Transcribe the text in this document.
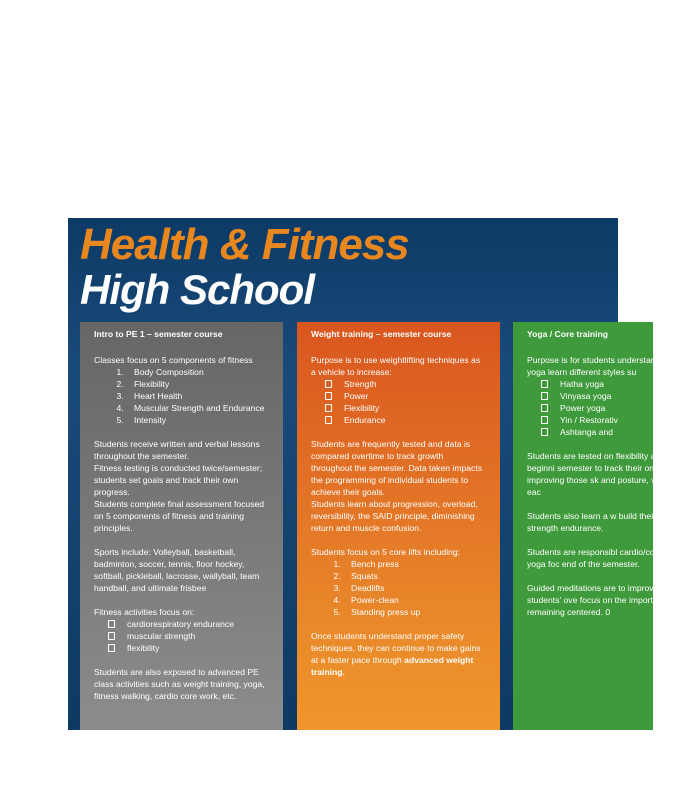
Health & Fitness
High School
Intro to PE 1 – semester course
Classes focus on 5 components of fitness
1. Body Composition
2. Flexibility
3. Heart Health
4. Muscular Strength and Endurance
5. Intensity

Students receive written and verbal lessons throughout the semester.

Fitness testing is conducted twice/semester; students set goals and track their own progress.

Students complete final assessment focused on 5 components of fitness and training principles.

Sports include: Volleyball, basketball, badminton, soccer, tennis, floor hockey, softball, pickleball, lacrosse, wallyball, team handball, and ultimate frisbee

Fitness activities focus on:
cardiorespiratory endurance
muscular strength
flexibility

Students are also exposed to advanced PE class activities such as weight training, yoga, fitness walking, cardio core work, etc.

Weight training – semester course
Purpose is to use weightlifting techniques as a vehicle to increase:
Strength
Power
Flexibility
Endurance

Students are frequently tested and data is compared overtime to track growth throughout the semester. Data taken impacts the programming of individual students to achieve their goals.

Students learn about progression, overload, reversibility, the SAID principle, diminishing return and muscle confusion.

Students focus on 5 core lifts including:
1. Bench press
2. Squats
3. Deadlifts
4. Power-clean
5. Standing press up

Once students understand proper safety techniques, they can continue to make gains at a faster pace through advanced weight training.

Yoga / Core training
Purpose is for students understanding of yoga learn different styles su
Hatha yoga
Vinyasa yoga
Power yoga
Yin / Restorativ
Ashtanga and

Students are tested on flexibility at the beginni semester to track their on improving those sk and posture, within eac

Students also learn a w build their core strength endurance.

Students are responsibl cardio/core or yoga foc end of the semester.

Guided meditations are to improve students' ove focus on the importance remaining centered. 0
